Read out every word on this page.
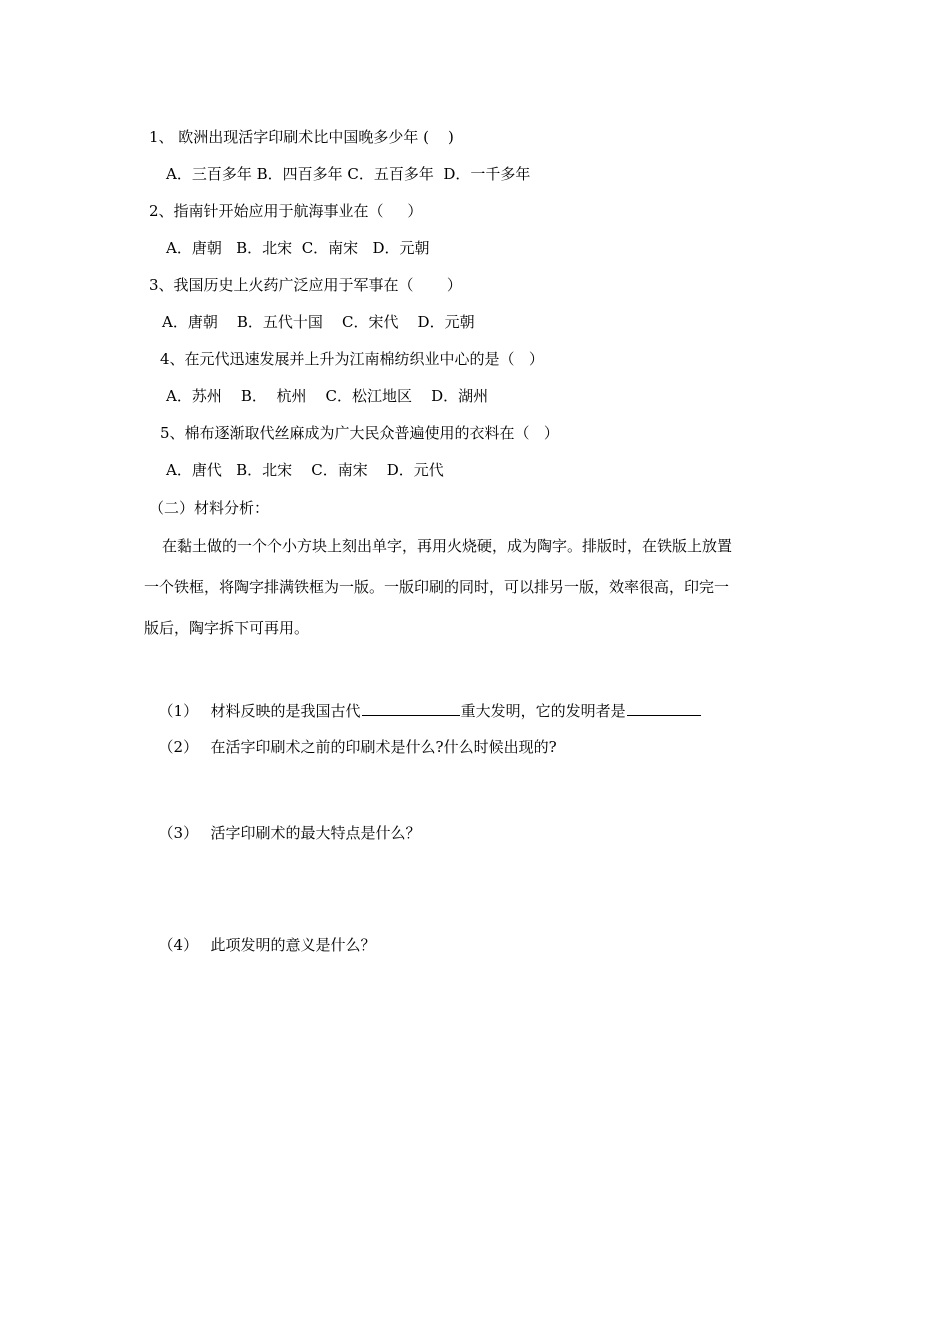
1、 欧洲出现活字印刷术比中国晚多少年 (    )
A．三百多年 B．四百多年 C．五百多年  D．一千多年
2、指南针开始应用于航海事业在（     ）
A．唐朝   B．北宋  C．南宋   D．元朝
3、我国历史上火药广泛应用于军事在（       ）
A．唐朝    B．五代十国    C．宋代    D．元朝
4、在元代迅速发展并上升为江南棉纺织业中心的是（   ）
A．苏州    B．  杭州    C．松江地区    D．湖州
5、棉布逐渐取代丝麻成为广大民众普遍使用的衣料在（   ）
A．唐代   B．北宋    C．南宋    D．元代
（二）材料分析：
在黏土做的一个个小方块上刻出单字，再用火烧硬，成为陶字。排版时，在铁版上放置
一个铁框，将陶字排满铁框为一版。一版印刷的同时，可以排另一版，效率很高，印完一
版后，陶字拆下可再用。

（1） 材料反映的是我国古代	重大发明，它的发明者是

（2） 在活字印刷术之前的印刷术是什么?什么时候出现的?

（3） 活字印刷术的最大特点是什么？

（4） 此项发明的意义是什么？
